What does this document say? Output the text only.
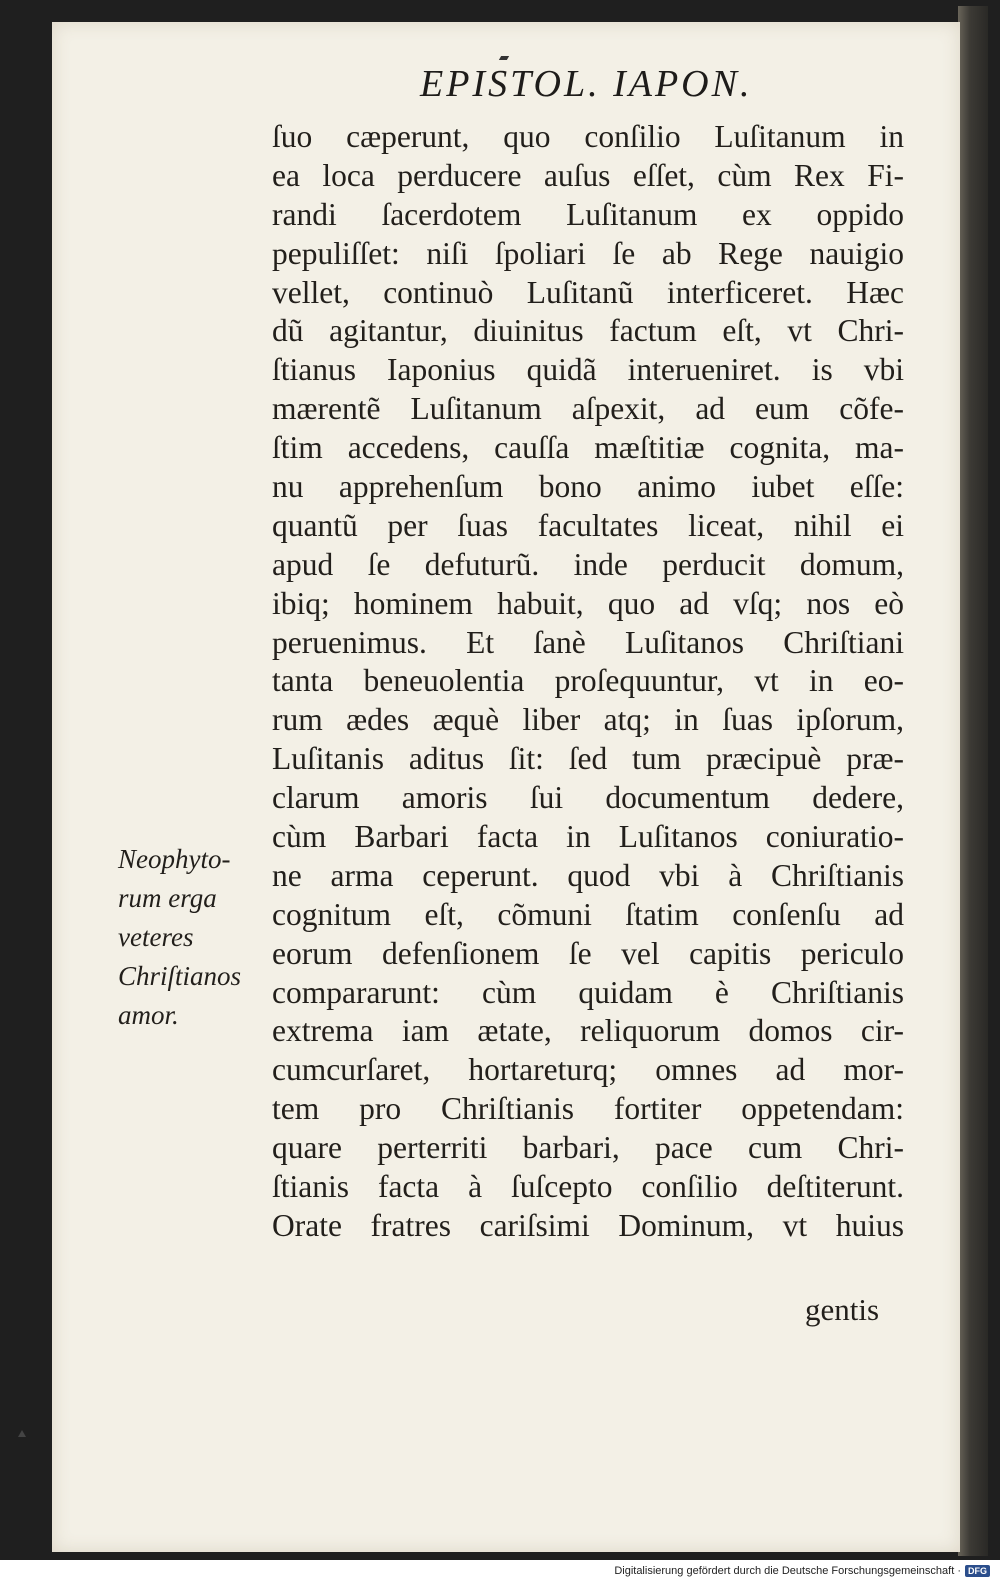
EPISTOL. IAPON.
ſuo cæperunt, quo conſilio Luſitanum in
ea loca perducere auſus eſſet, cùm Rex Fi-
randi ſacerdotem Luſitanum ex oppido
pepuliſſet: niſi ſpoliari ſe ab Rege nauigio
vellet, continuò Luſitanũ interficeret. Hæc
dũ agitantur, diuinitus factum eſt, vt Chri-
ſtianus Iaponius quidã interueniret. is vbi
mærentẽ Luſitanum aſpexit, ad eum cõfe-
ſtim accedens, cauſſa mæſtitiæ cognita, ma-
nu apprehenſum bono animo iubet eſſe:
quantũ per ſuas facultates liceat, nihil ei
apud ſe defuturũ. inde perducit domum,
ibiq; hominem habuit, quo ad vſq; nos eò
peruenimus. Et ſanè Luſitanos Chriſtiani
tanta beneuolentia proſequuntur, vt in eo-
rum ædes æquè liber atq; in ſuas ipſorum,
Luſitanis aditus ſit: ſed tum præcipuè præ-
clarum amoris ſui documentum dedere,
cùm Barbari facta in Luſitanos coniuratio-
ne arma ceperunt. quod vbi à Chriſtianis
cognitum eſt, cõmuni ſtatim conſenſu ad
eorum defenſionem ſe vel capitis periculo
compararunt: cùm quidam è Chriſtianis
extrema iam ætate, reliquorum domos cir-
cumcurſaret, hortareturq; omnes ad mor-
tem pro Chriſtianis fortiter oppetendam:
quare perterriti barbari, pace cum Chri-
ſtianis facta à ſuſcepto conſilio deſtiterunt.
Orate fratres cariſsimi Dominum, vt huius
gentis
Neophyto-
rum erga
veteres
Chriſtianos
amor.
Digitalisierung gefördert durch die Deutsche Forschungsgemeinschaft · DFG
